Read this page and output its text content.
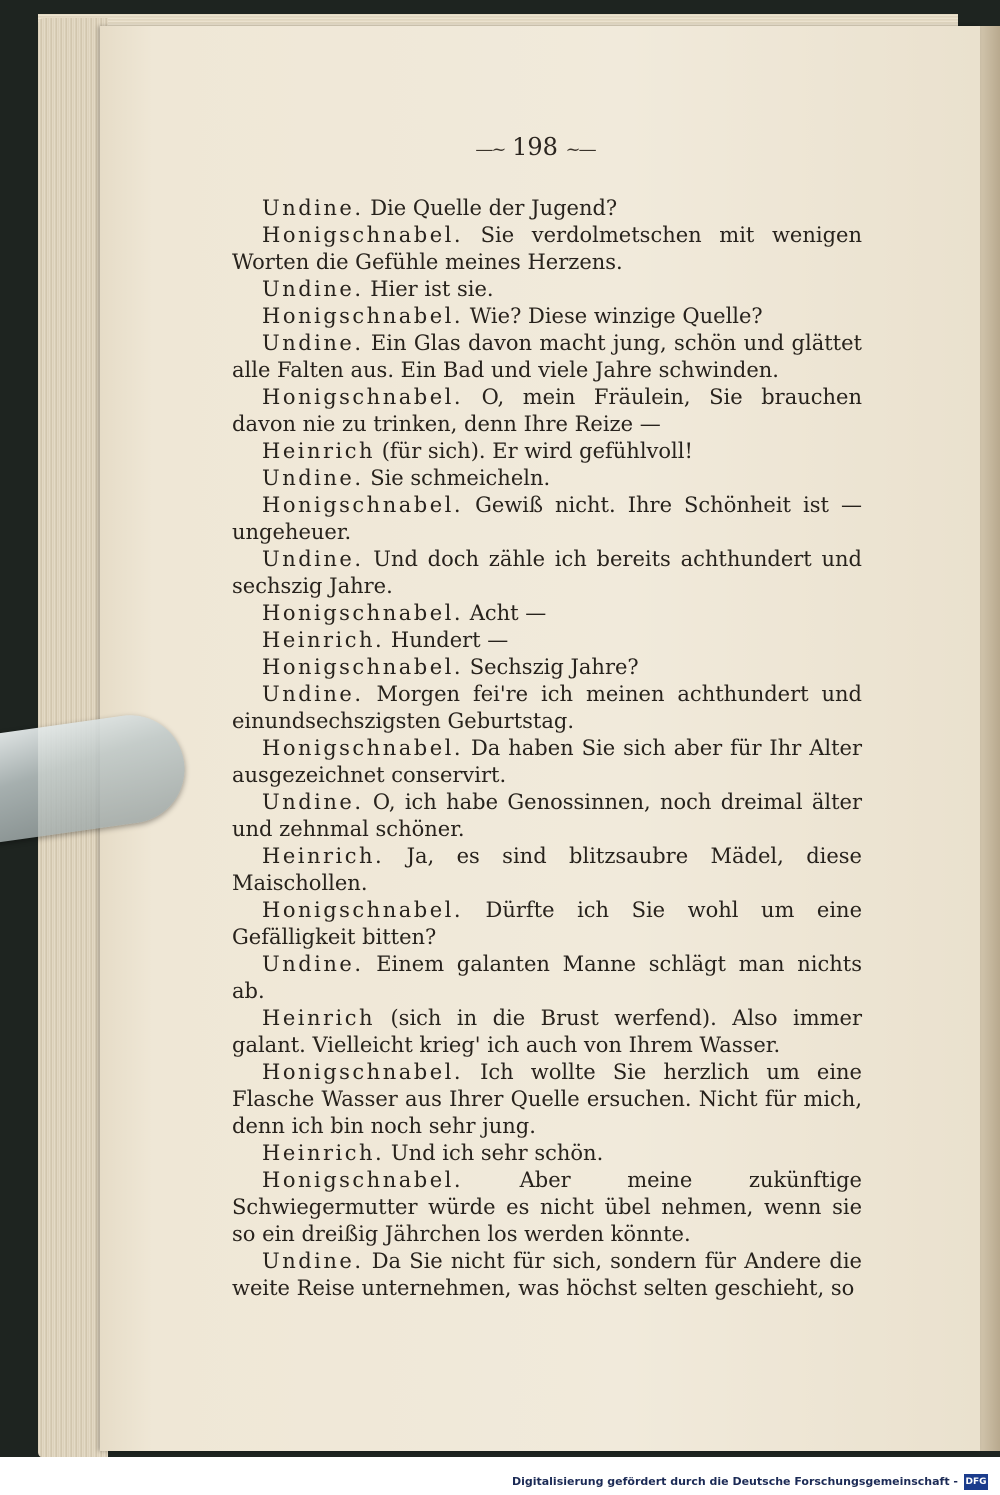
—~ 198 ~—

Undine. Die Quelle der Jugend?

Honigschnabel. Sie verdolmetschen mit wenigen Worten die Gefühle meines Herzens.

Undine. Hier ist sie.

Honigschnabel. Wie? Diese winzige Quelle?

Undine. Ein Glas davon macht jung, schön und glättet alle Falten aus. Ein Bad und viele Jahre schwinden.

Honigschnabel. O, mein Fräulein, Sie brauchen davon nie zu trinken, denn Ihre Reize —

Heinrich (für sich). Er wird gefühlvoll!

Undine. Sie schmeicheln.

Honigschnabel. Gewiß nicht. Ihre Schönheit ist — ungeheuer.

Undine. Und doch zähle ich bereits achthundert und sechszig Jahre.

Honigschnabel. Acht —

Heinrich. Hundert —

Honigschnabel. Sechszig Jahre?

Undine. Morgen fei're ich meinen achthundert und einundsechszigsten Geburtstag.

Honigschnabel. Da haben Sie sich aber für Ihr Alter ausgezeichnet conservirt.

Undine. O, ich habe Genossinnen, noch dreimal älter und zehnmal schöner.

Heinrich. Ja, es sind blitzsaubre Mädel, diese Maischollen.

Honigschnabel. Dürfte ich Sie wohl um eine Gefälligkeit bitten?

Undine. Einem galanten Manne schlägt man nichts ab.

Heinrich (sich in die Brust werfend). Also immer galant. Vielleicht krieg' ich auch von Ihrem Wasser.

Honigschnabel. Ich wollte Sie herzlich um eine Flasche Wasser aus Ihrer Quelle ersuchen. Nicht für mich, denn ich bin noch sehr jung.

Heinrich. Und ich sehr schön.

Honigschnabel.	Aber meine zukünftige Schwiegermutter würde es nicht übel nehmen, wenn sie so ein dreißig Jährchen los werden könnte.

Undine. Da Sie nicht für sich, sondern für Andere die weite Reise unternehmen, was höchst selten geschieht, so

Digitalisierung gefördert durch die Deutsche Forschungsgemeinschaft - DFG
